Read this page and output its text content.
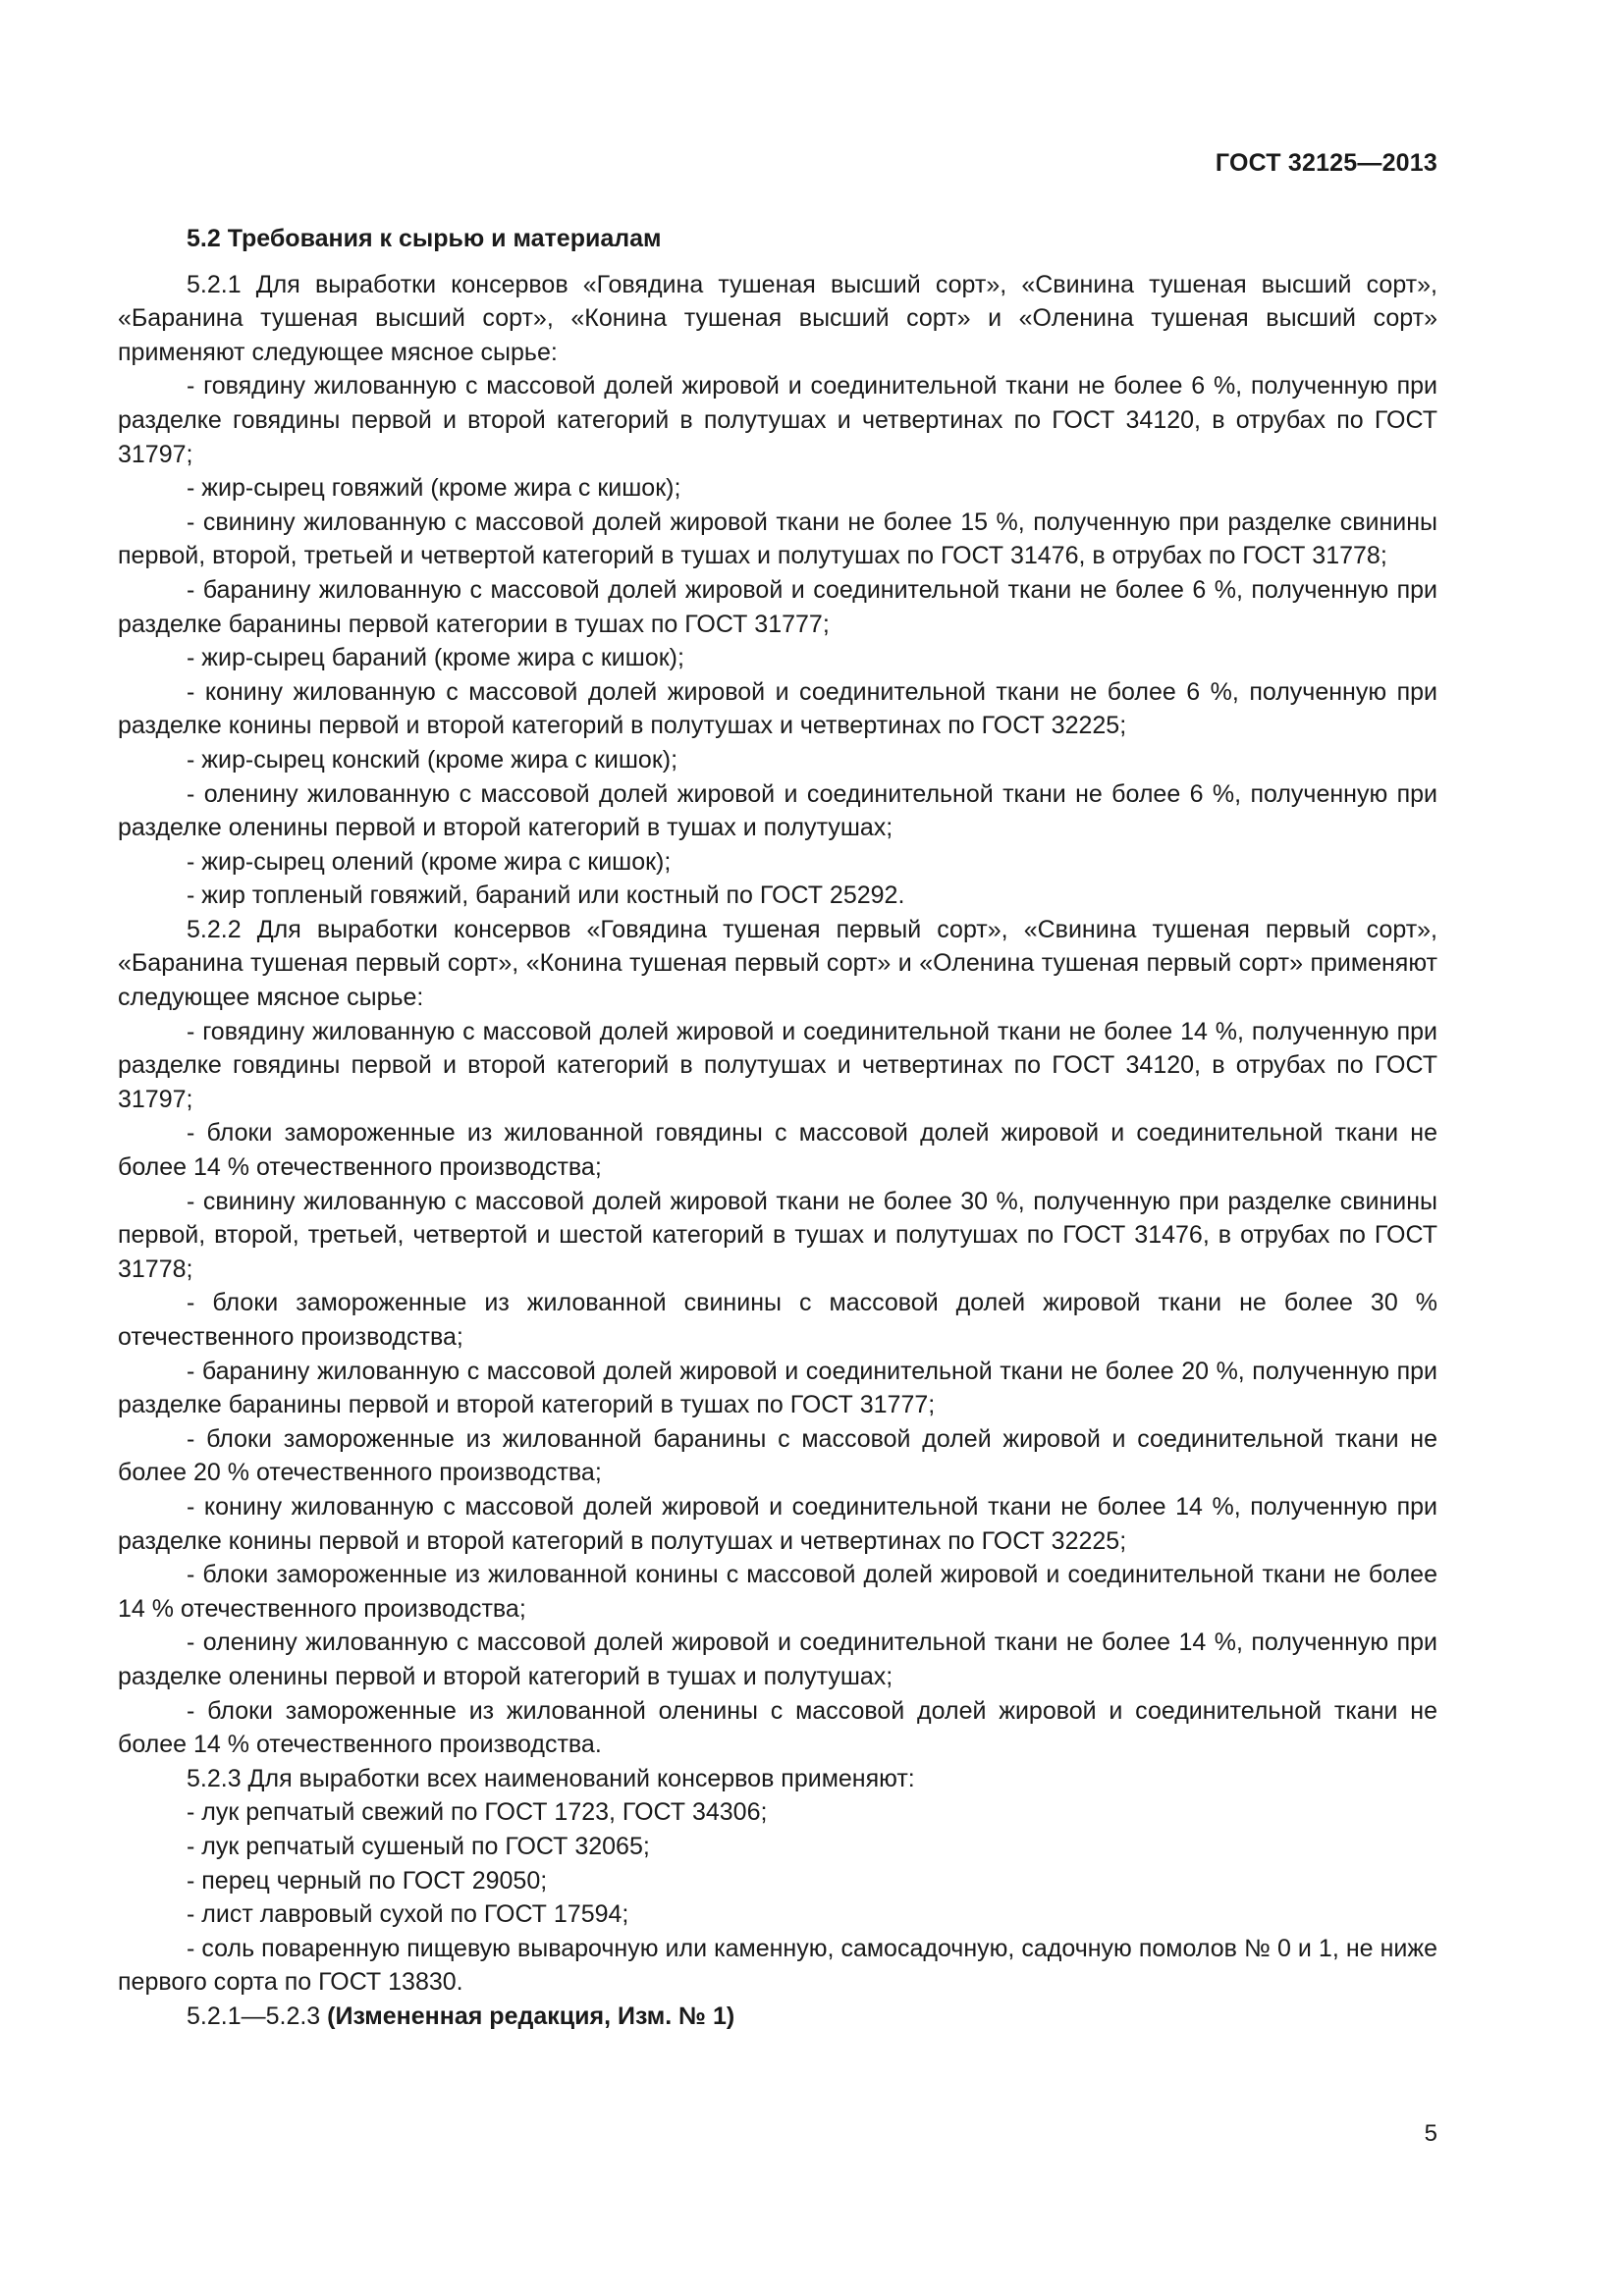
ГОСТ 32125—2013
5.2 Требования к сырью и материалам

5.2.1 Для выработки консервов «Говядина тушеная высший сорт», «Свинина тушеная высший сорт», «Баранина тушеная высший сорт», «Конина тушеная высший сорт» и «Оленина тушеная высший сорт» применяют следующее мясное сырье:

- говядину жилованную с массовой долей жировой и соединительной ткани не более 6 %, полученную при разделке говядины первой и второй категорий в полутушах и четвертинах по ГОСТ 34120, в отрубах по ГОСТ 31797;

- жир-сырец говяжий (кроме жира с кишок);

- свинину жилованную с массовой долей жировой ткани не более 15 %, полученную при разделке свинины первой, второй, третьей и четвертой категорий в тушах и полутушах по ГОСТ 31476, в отрубах по ГОСТ 31778;

- баранину жилованную с массовой долей жировой и соединительной ткани не более 6 %, полученную при разделке баранины первой категории в тушах по ГОСТ 31777;

- жир-сырец бараний (кроме жира с кишок);

- конину жилованную с массовой долей жировой и соединительной ткани не более 6 %, полученную при разделке конины первой и второй категорий в полутушах и четвертинах по ГОСТ 32225;

- жир-сырец конский (кроме жира с кишок);

- оленину жилованную с массовой долей жировой и соединительной ткани не более 6 %, полученную при разделке оленины первой и второй категорий в тушах и полутушах;

- жир-сырец олений (кроме жира с кишок);

- жир топленый говяжий, бараний или костный по ГОСТ 25292.

5.2.2 Для выработки консервов «Говядина тушеная первый сорт», «Свинина тушеная первый сорт», «Баранина тушеная первый сорт», «Конина тушеная первый сорт» и «Оленина тушеная первый сорт» применяют следующее мясное сырье:

- говядину жилованную с массовой долей жировой и соединительной ткани не более 14 %, полученную при разделке говядины первой и второй категорий в полутушах и четвертинах по ГОСТ 34120, в отрубах по ГОСТ 31797;

- блоки замороженные из жилованной говядины с массовой долей жировой и соединительной ткани не более 14 % отечественного производства;

- свинину жилованную с массовой долей жировой ткани не более 30 %, полученную при разделке свинины первой, второй, третьей, четвертой и шестой категорий в тушах и полутушах по ГОСТ 31476, в отрубах по ГОСТ 31778;

- блоки замороженные из жилованной свинины с массовой долей жировой ткани не более 30 % отечественного производства;

- баранину жилованную с массовой долей жировой и соединительной ткани не более 20 %, полученную при разделке баранины первой и второй категорий в тушах по ГОСТ 31777;

- блоки замороженные из жилованной баранины с массовой долей жировой и соединительной ткани не более 20 % отечественного производства;

- конину жилованную с массовой долей жировой и соединительной ткани не более 14 %, полученную при разделке конины первой и второй категорий в полутушах и четвертинах по ГОСТ 32225;

- блоки замороженные из жилованной конины с массовой долей жировой и соединительной ткани не более 14 % отечественного производства;

- оленину жилованную с массовой долей жировой и соединительной ткани не более 14 %, полученную при разделке оленины первой и второй категорий в тушах и полутушах;

- блоки замороженные из жилованной оленины с массовой долей жировой и соединительной ткани не более 14 % отечественного производства.

5.2.3 Для выработки всех наименований консервов применяют:

- лук репчатый свежий по ГОСТ 1723, ГОСТ 34306;

- лук репчатый сушеный по ГОСТ 32065;

- перец черный по ГОСТ 29050;

- лист лавровый сухой по ГОСТ 17594;

- соль поваренную пищевую выварочную или каменную, самосадочную, садочную помолов № 0 и 1, не ниже первого сорта по ГОСТ 13830.

5.2.1—5.2.3 (Измененная редакция, Изм. № 1)

5
